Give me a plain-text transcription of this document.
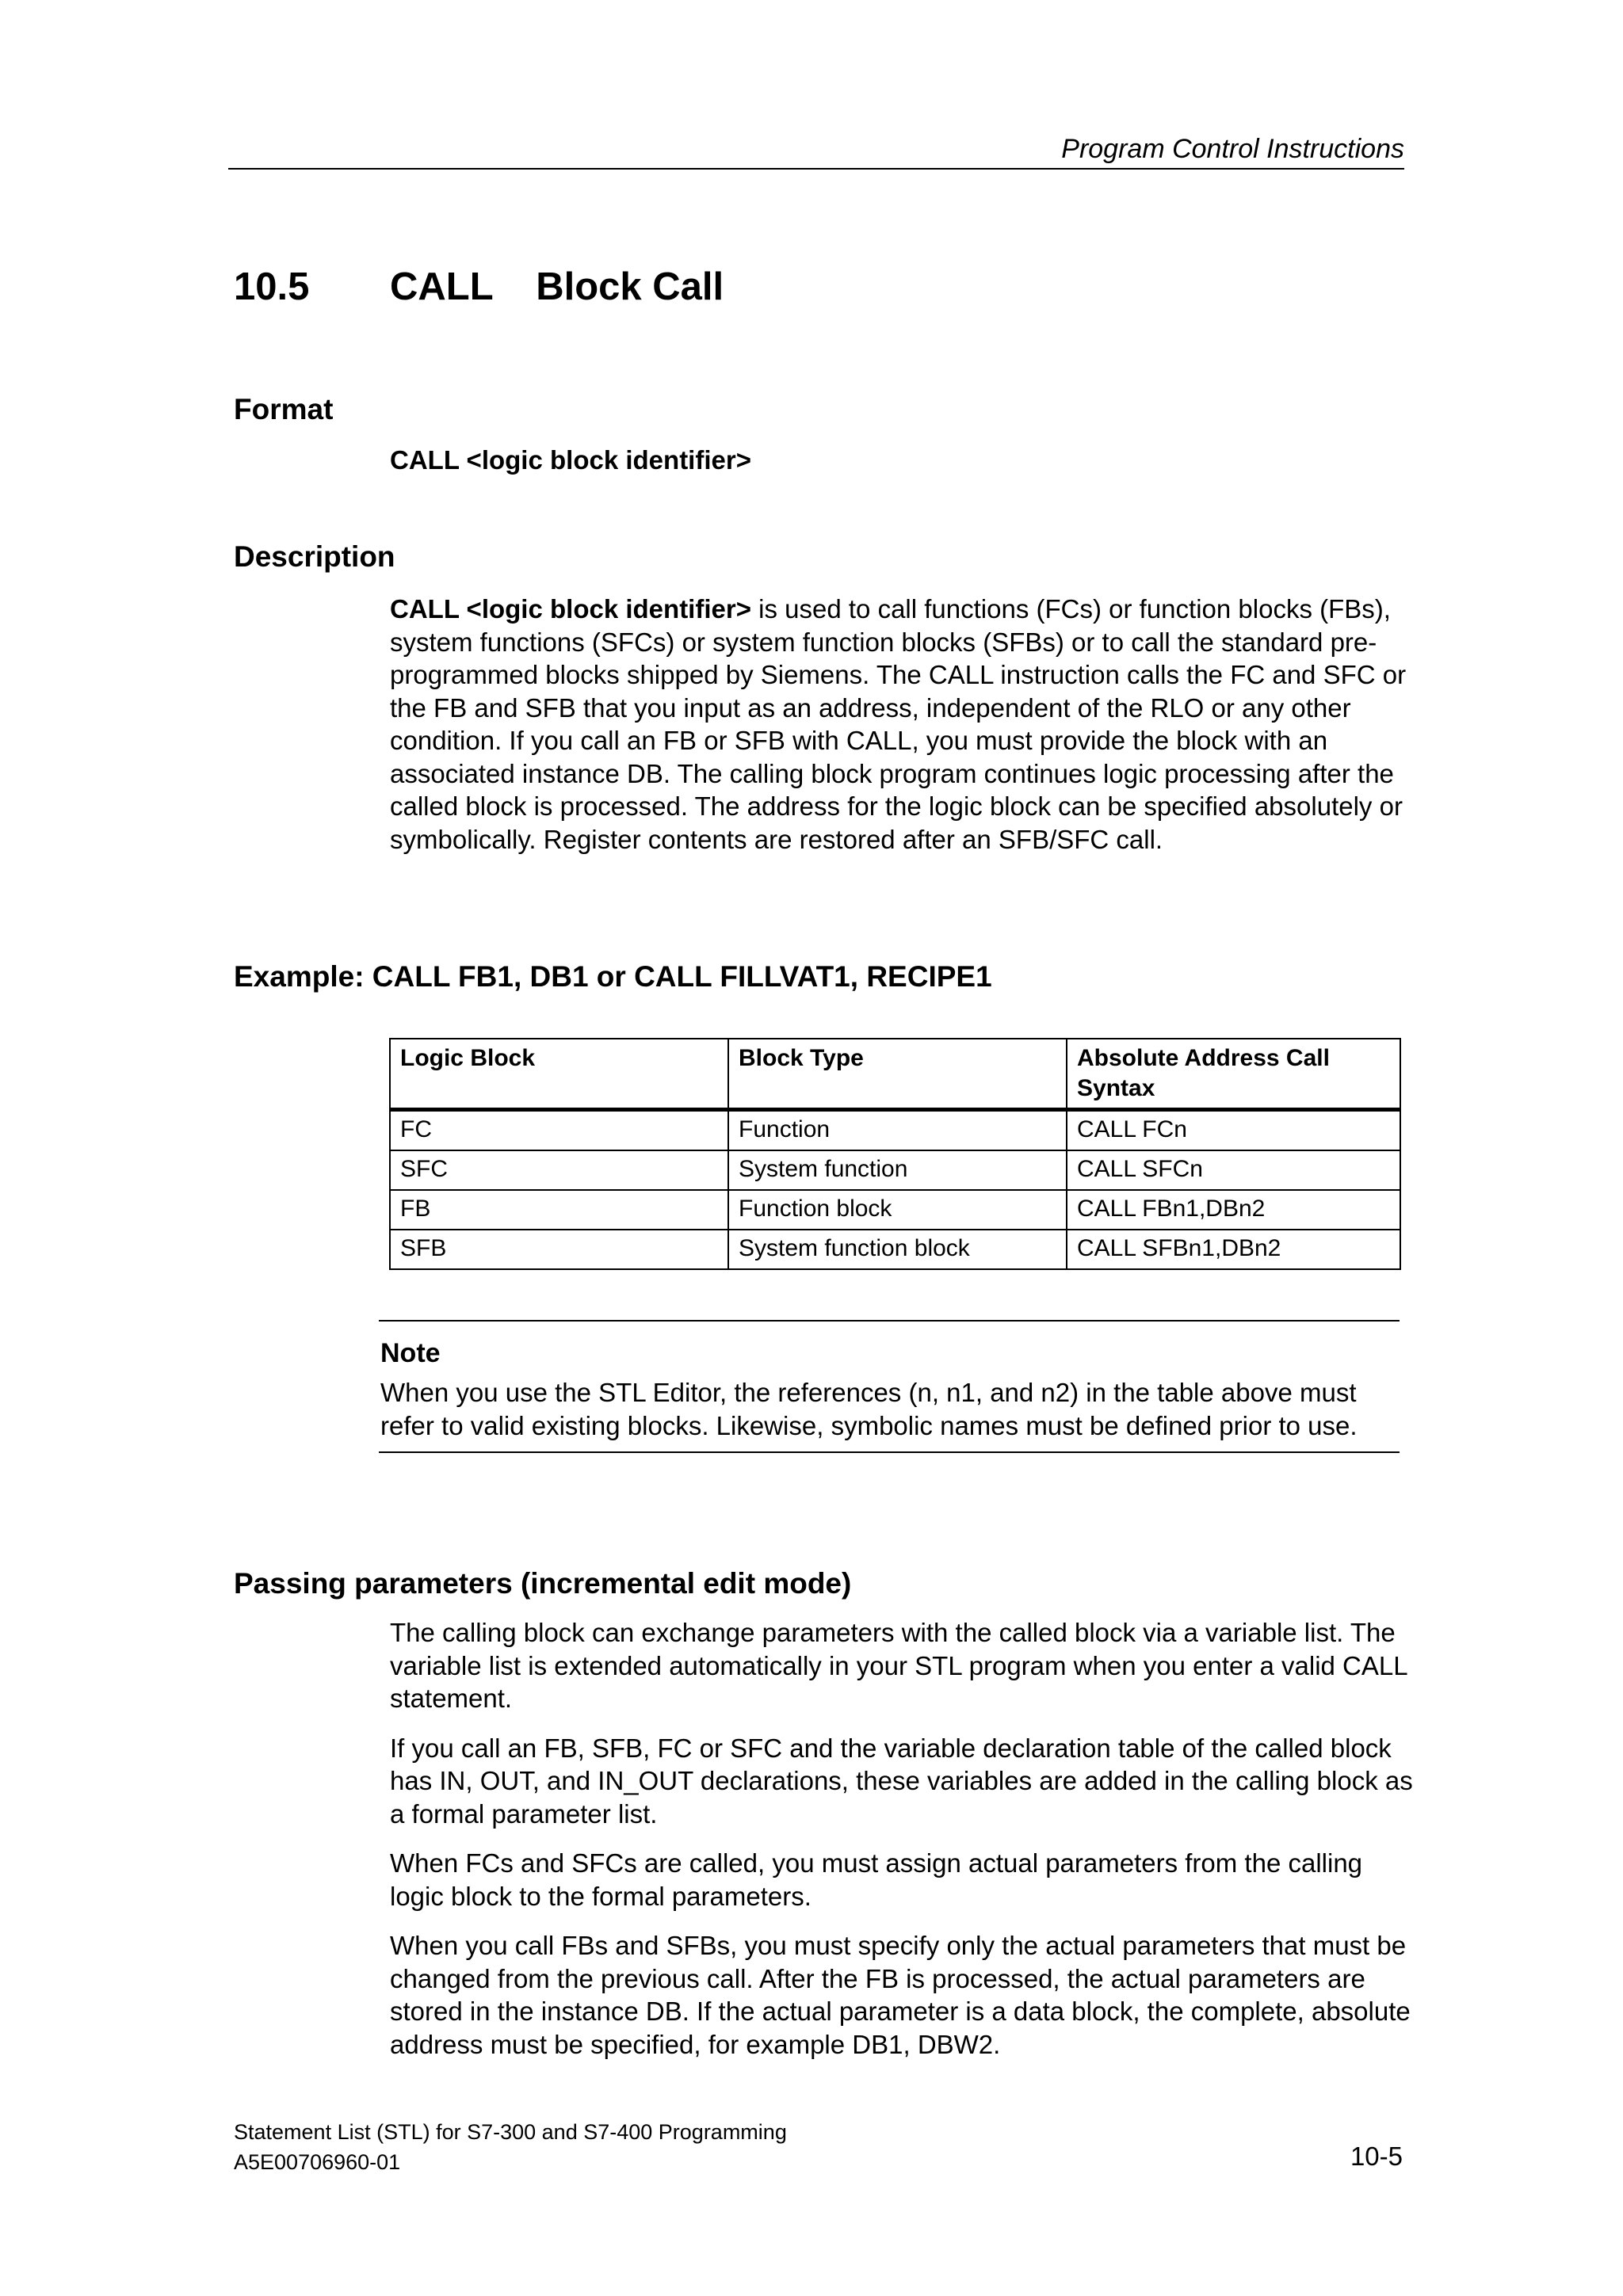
Program Control Instructions
10.5 CALL    Block Call
Format
CALL <logic block identifier>
Description
CALL <logic block identifier> is used to call functions (FCs) or function blocks (FBs), system functions (SFCs) or system function blocks (SFBs) or to call the standard pre-programmed blocks shipped by Siemens. The CALL instruction calls the FC and SFC or the FB and SFB that you input as an address, independent of the RLO or any other condition. If you call an FB or SFB with CALL, you must provide the block with an associated instance DB. The calling block program continues logic processing after the called block is processed. The address for the logic block can be specified absolutely or symbolically. Register contents are restored after an SFB/SFC call.
Example: CALL FB1, DB1 or CALL FILLVAT1, RECIPE1
Logic Block	Block Type	Absolute Address Call Syntax
FC	Function	CALL FCn
SFC	System function	CALL SFCn
FB	Function block	CALL FBn1,DBn2
SFB	System function block	CALL SFBn1,DBn2
Note
When you use the STL Editor, the references (n, n1, and n2) in the table above must refer to valid existing blocks. Likewise, symbolic names must be defined prior to use.
Passing parameters (incremental edit mode)

The calling block can exchange parameters with the called block via a variable list. The variable list is extended automatically in your STL program when you enter a valid CALL statement.

If you call an FB, SFB, FC or SFC and the variable declaration table of the called block has IN, OUT, and IN_OUT declarations, these variables are added in the calling block as a formal parameter list.

When FCs and SFCs are called, you must assign actual parameters from the calling logic block to the formal parameters.

When you call FBs and SFBs, you must specify only the actual parameters that must be changed from the previous call. After the FB is processed, the actual parameters are stored in the instance DB. If the actual parameter is a data block, the complete, absolute address must be specified, for example DB1, DBW2.

Statement List (STL) for S7-300 and S7-400 Programming
A5E00706960-01	10-5
